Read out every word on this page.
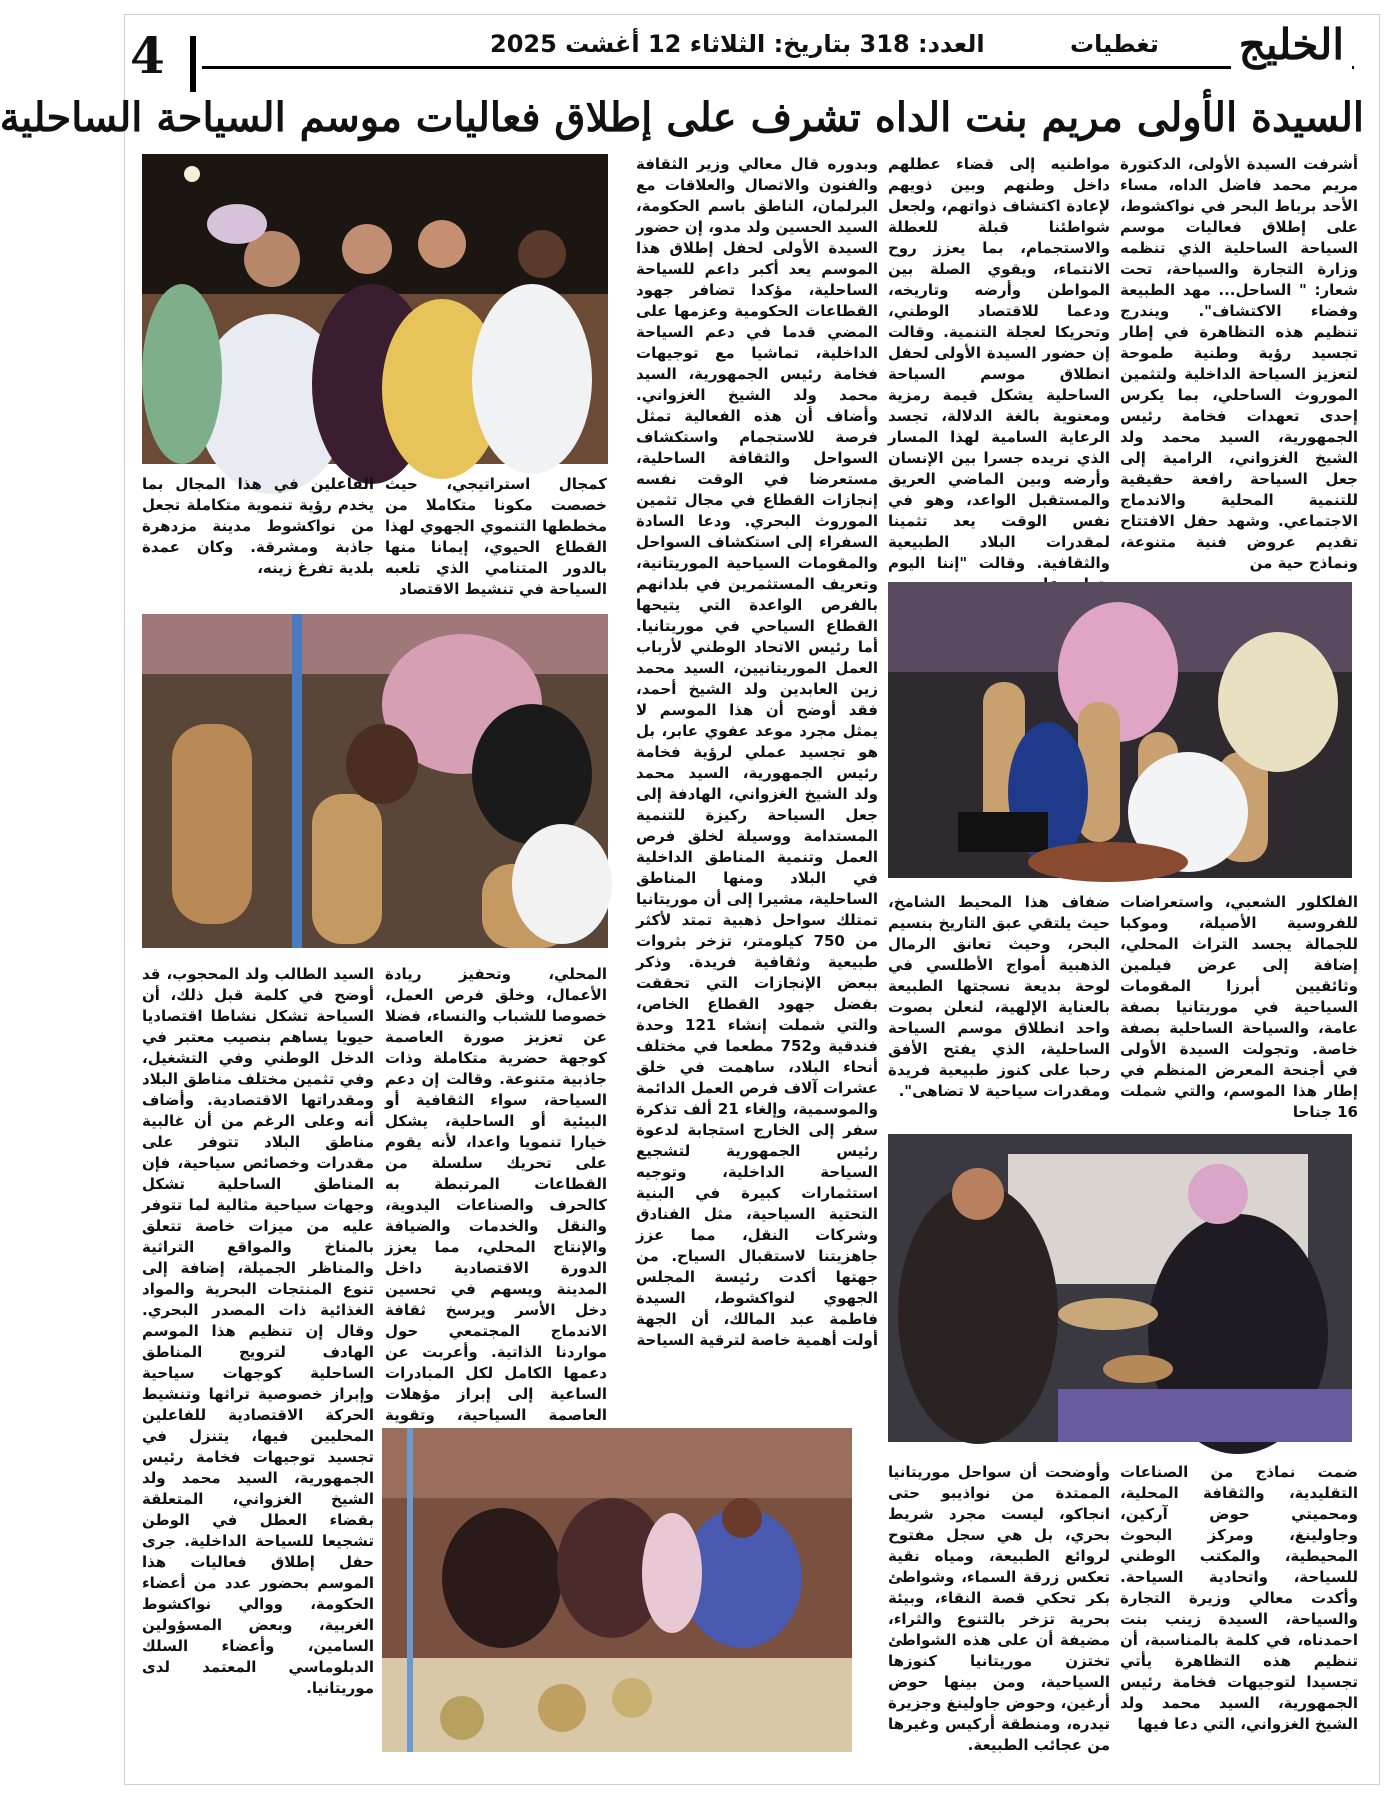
4	العدد: 318 بتاريخ: الثلاثاء 12 أغشت 2025	تغطيات الخليج
السيدة الأولى مريم بنت الداه تشرف على إطلاق فعاليات موسم السياحة الساحلية

أشرفت السيدة الأولى، الدكتورة مريم محمد فاضل الداه، مساء الأحد برباط البحر في نواكشوط، على إطلاق فعاليات موسم السياحة الساحلية الذي تنظمه وزارة التجارة والسياحة، تحت شعار: " الساحل... مهد الطبيعة وفضاء الاكتشاف". ويندرج تنظيم هذه التظاهرة في إطار تجسيد رؤية وطنية طموحة لتعزيز السياحة الداخلية ولتثمين الموروث الساحلي، بما يكرس إحدى تعهدات فخامة رئيس الجمهورية، السيد محمد ولد الشيخ الغزواني، الرامية إلى جعل السياحة رافعة حقيقية للتنمية المحلية والاندماج الاجتماعي. وشهد حفل الافتتاح تقديم عروض فنية متنوعة، ونماذج حية من

مواطنيه إلى قضاء عطلهم داخل وطنهم وبين ذويهم لإعادة اكتشاف ذواتهم، ولجعل شواطئنا قبلة للعطلة والاستجمام، بما يعزز روح الانتماء، ويقوي الصلة بين المواطن وأرضه وتاريخه، ودعما للاقتصاد الوطني، وتحريكا لعجلة التنمية. وقالت إن حضور السيدة الأولى لحفل انطلاق موسم السياحة الساحلية يشكل قيمة رمزية ومعنوية بالغة الدلالة، تجسد الرعاية السامية لهذا المسار الذي نريده جسرا بين الإنسان وأرضه وبين الماضي العريق والمستقبل الواعد، وهو في نفس الوقت يعد تثمينا لمقدرات البلاد الطبيعية والثقافية. وقالت "إننا اليوم

وبدوره قال معالي وزير الثقافة والفنون والاتصال والعلاقات مع البرلمان، الناطق باسم الحكومة، السيد الحسين ولد مدو، إن حضور السيدة الأولى لحفل إطلاق هذا الموسم يعد أكبر داعم للسياحة الساحلية، مؤكدا تضافر جهود القطاعات الحكومية وعزمها على المضي قدما في دعم السياحة الداخلية، تماشيا مع توجيهات فخامة رئيس الجمهورية، السيد محمد ولد الشيخ الغزواني. وأضاف أن هذه الفعالية تمثل فرصة للاستجمام واستكشاف السواحل والثقافة الساحلية، مستعرضا في الوقت نفسه إنجازات القطاع في مجال تثمين الموروث البحري. ودعا السادة السفراء إلى استكشاف السواحل والمقومات السياحية الموريتانية، وتعريف المستثمرين في بلدانهم بالفرص الواعدة التي يتيحها القطاع السياحي في موريتانيا. أما رئيس الاتحاد الوطني لأرباب العمل الموريتانيين، السيد محمد زين العابدين ولد الشيخ أحمد، فقد أوضح أن هذا الموسم لا يمثل مجرد موعد عفوي عابر، بل هو تجسيد عملي لرؤية فخامة رئيس الجمهورية، السيد محمد ولد الشيخ الغزواني، الهادفة إلى جعل السياحة ركيزة للتنمية المستدامة ووسيلة لخلق فرص العمل وتنمية المناطق الداخلية في البلاد ومنها المناطق الساحلية، مشيرا إلى أن موريتانيا تمتلك سواحل ذهبية تمتد لأكثر من 750 كيلومتر، تزخر بثروات طبيعية وثقافية فريدة. وذكر ببعض الإنجازات التي تحققت بفضل جهود القطاع الخاص، والتي شملت إنشاء 121 وحدة فندقية و752 مطعما في مختلف أنحاء البلاد، ساهمت في خلق عشرات آلاف فرص العمل الدائمة والموسمية، وإلغاء 21 ألف تذكرة سفر إلى الخارج استجابة لدعوة رئيس الجمهورية لتشجيع السياحة الداخلية، وتوجيه استثمارات كبيرة في البنية التحتية السياحية، مثل الفنادق وشركات النقل، مما عزز جاهزيتنا لاستقبال السياح. من جهتها أكدت رئيسة المجلس الجهوي لنواكشوط، السيدة فاطمة عبد المالك، أن الجهة أولت أهمية خاصة لترقية السياحة

كمجال استراتيجي، حيث خصصت مكونا متكاملا من مخططها التنموي الجهوي لهذا القطاع الحيوي، إيمانا منها بالدور المتنامي الذي تلعبه السياحة في تنشيط الاقتصاد

الفاعلين في هذا المجال بما يخدم رؤية تنموية متكاملة تجعل من نواكشوط مدينة مزدهرة جاذبة ومشرقة. وكان عمدة بلدية تفرغ زينه،

الفلكلور الشعبي، واستعراضات للفروسية الأصيلة، وموكبا للجمالة يجسد التراث المحلي، إضافة إلى عرض فيلمين وثائقيين أبرزا المقومات السياحية في موريتانيا بصفة عامة، والسياحة الساحلية بصفة خاصة. وتجولت السيدة الأولى في أجنحة المعرض المنظم في إطار هذا الموسم، والتي شملت 16 جناحا

ضفاف هذا المحيط الشامخ، حيث يلتقي عبق التاريخ بنسيم البحر، وحيث تعانق الرمال الذهبية أمواج الأطلسي في لوحة بديعة نسجتها الطبيعة بالعناية الإلهية، لنعلن بصوت واحد انطلاق موسم السياحة الساحلية، الذي يفتح الأفق رحبا على كنوز طبيعية فريدة ومقدرات سياحية لا تضاهى".

المحلي، وتحفيز ريادة الأعمال، وخلق فرص العمل، خصوصا للشباب والنساء، فضلا عن تعزيز صورة العاصمة كوجهة حضرية متكاملة وذات جاذبية متنوعة. وقالت إن دعم السياحة، سواء الثقافية أو البيئية أو الساحلية، يشكل خيارا تنمويا واعدا، لأنه يقوم على تحريك سلسلة من القطاعات المرتبطة به كالحرف والصناعات اليدوية، والنقل والخدمات والضيافة والإنتاج المحلي، مما يعزز الدورة الاقتصادية داخل المدينة ويسهم في تحسين دخل الأسر ويرسخ ثقافة الاندماج المجتمعي حول مواردنا الذاتية. وأعربت عن دعمها الكامل لكل المبادرات الساعية إلى إبراز مؤهلات العاصمة السياحية، وتقوية

السيد الطالب ولد المحجوب، قد أوضح في كلمة قبل ذلك، أن السياحة تشكل نشاطا اقتصاديا حيويا يساهم بنصيب معتبر في الدخل الوطني وفي التشغيل، وفي تثمين مختلف مناطق البلاد ومقدراتها الاقتصادية. وأضاف أنه وعلى الرغم من أن غالبية مناطق البلاد تتوفر على مقدرات وخصائص سياحية، فإن المناطق الساحلية تشكل وجهات سياحية مثالية لما تتوفر عليه من ميزات خاصة تتعلق بالمناخ والمواقع التراثية والمناظر الجميلة، إضافة إلى تنوع المنتجات البحرية والمواد الغذائية ذات المصدر البحري. وقال إن تنظيم هذا الموسم الهادف لترويج المناطق الساحلية كوجهات سياحية وإبراز خصوصية تراثها وتنشيط الحركة الاقتصادية للفاعلين المحليين فيها، يتنزل في تجسيد توجيهات فخامة رئيس الجمهورية، السيد محمد ولد الشيخ الغزواني، المتعلقة بقضاء العطل في الوطن تشجيعا للسياحة الداخلية. جرى حفل إطلاق فعاليات هذا الموسم بحضور عدد من أعضاء الحكومة، ووالي نواكشوط الغربية، وبعض المسؤولين السامين، وأعضاء السلك الدبلوماسي المعتمد لدى موريتانيا.

ضمت نماذج من الصناعات التقليدية، والثقافة المحلية، ومحميتي حوض آركين، وجاولينغ، ومركز البحوث المحيطية، والمكتب الوطني للسياحة، واتحادية السياحة. وأكدت معالي وزيرة التجارة والسياحة، السيدة زينب بنت احمدناه، في كلمة بالمناسبة، أن تنظيم هذه التظاهرة يأتي تجسيدا لتوجيهات فخامة رئيس الجمهورية، السيد محمد ولد الشيخ الغزواني، التي دعا فيها

وأوضحت أن سواحل موريتانيا الممتدة من نواذيبو حتى انجاكو، ليست مجرد شريط بحري، بل هي سجل مفتوح لروائع الطبيعة، ومياه نقية تعكس زرقة السماء، وشواطئ بكر تحكي قصة النقاء، وبيئة بحرية تزخر بالتنوع والثراء، مضيفة أن على هذه الشواطئ تختزن موريتانيا كنوزها السياحية، ومن بينها حوض أرغين، وحوض جاولينغ وجزيرة تيدره، ومنطقة أركيس وغيرها من عجائب الطبيعة.
